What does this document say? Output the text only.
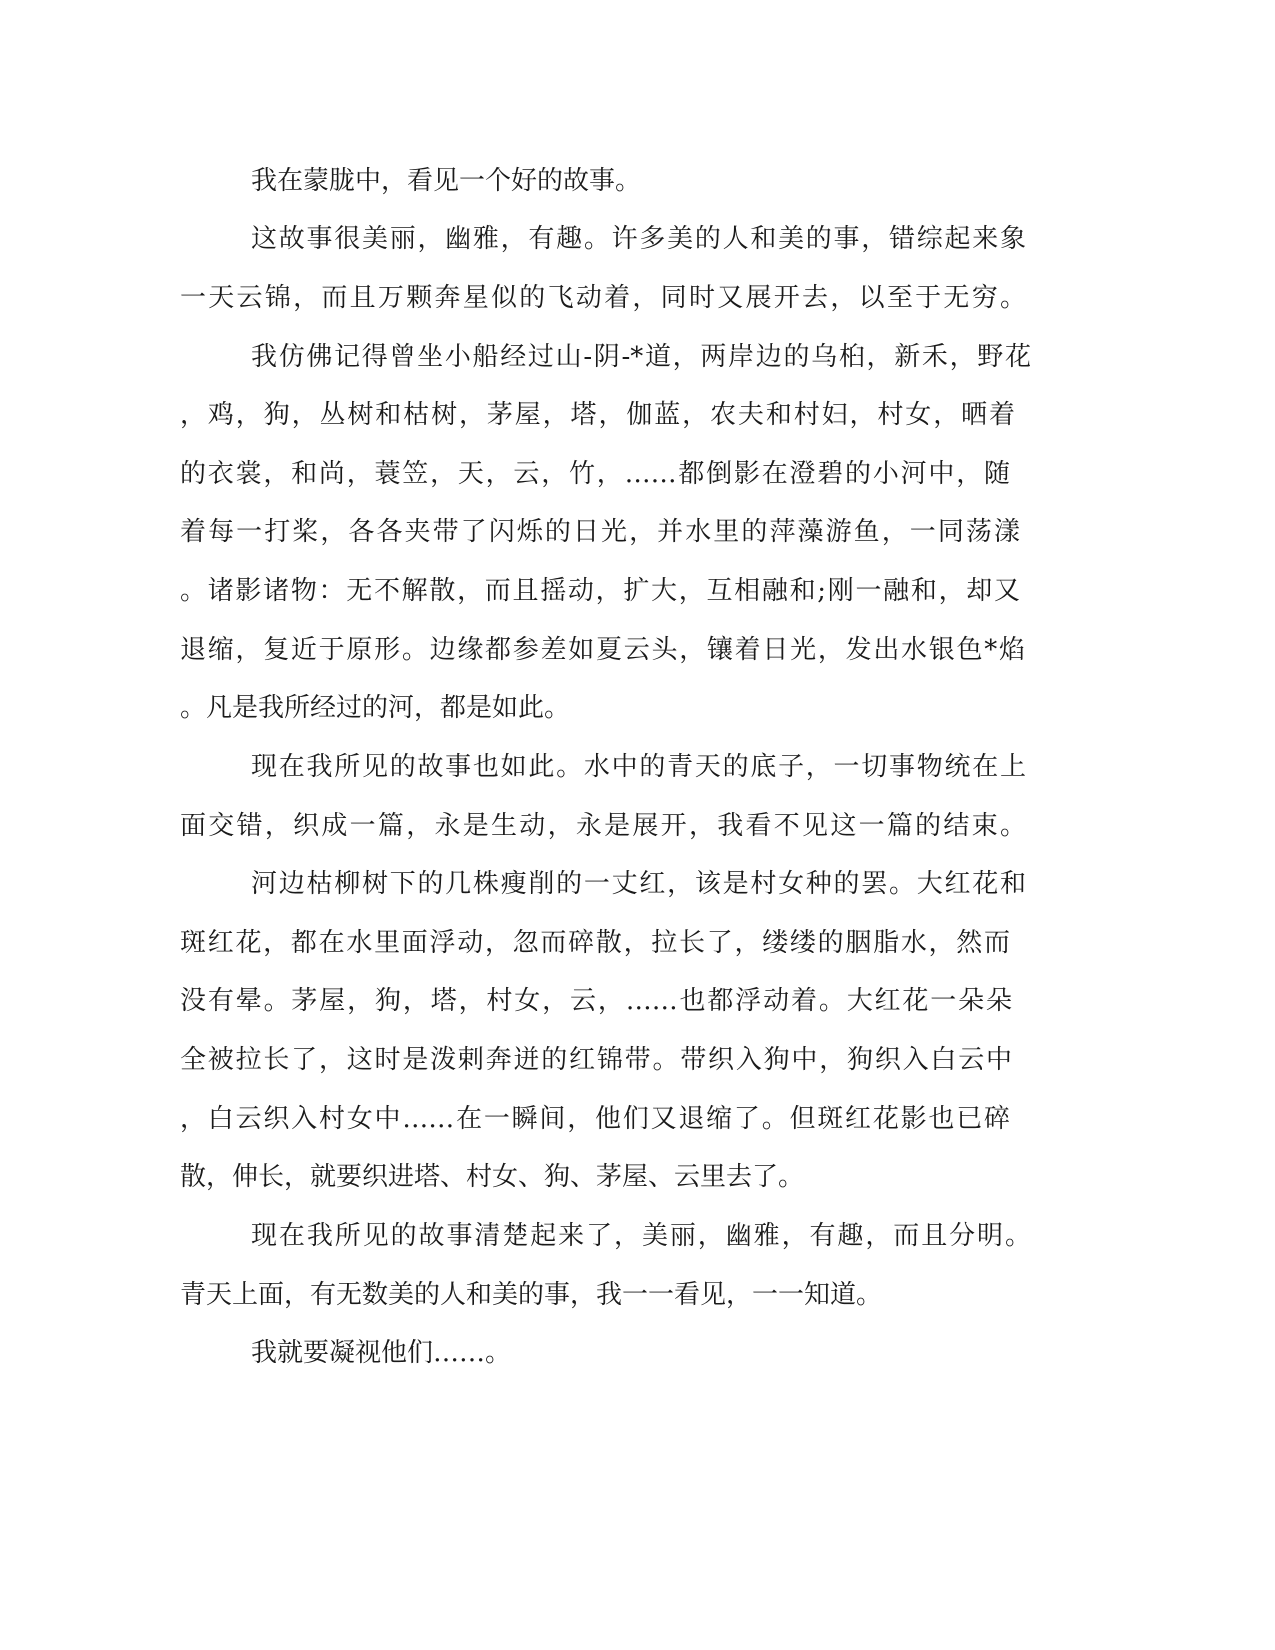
我在蒙胧中，看见一个好的故事。
这故事很美丽，幽雅，有趣。许多美的人和美的事，错综起来象
一天云锦，而且万颗奔星似的飞动着，同时又展开去，以至于无穷。
我仿佛记得曾坐小船经过山-阴-*道，两岸边的乌桕，新禾，野花
，鸡，狗，丛树和枯树，茅屋，塔，伽蓝，农夫和村妇，村女，晒着
的衣裳，和尚，蓑笠，天，云，竹，……都倒影在澄碧的小河中，随
着每一打桨，各各夹带了闪烁的日光，并水里的萍藻游鱼，一同荡漾
。诸影诸物：无不解散，而且摇动，扩大，互相融和;刚一融和，却又
退缩，复近于原形。边缘都参差如夏云头，镶着日光，发出水银色*焰
。凡是我所经过的河，都是如此。
现在我所见的故事也如此。水中的青天的底子，一切事物统在上
面交错，织成一篇，永是生动，永是展开，我看不见这一篇的结束。
河边枯柳树下的几株瘦削的一丈红，该是村女种的罢。大红花和
斑红花，都在水里面浮动，忽而碎散，拉长了，缕缕的胭脂水，然而
没有晕。茅屋，狗，塔，村女，云，……也都浮动着。大红花一朵朵
全被拉长了，这时是泼剌奔迸的红锦带。带织入狗中，狗织入白云中
，白云织入村女中……在一瞬间，他们又退缩了。但斑红花影也已碎
散，伸长，就要织进塔、村女、狗、茅屋、云里去了。
现在我所见的故事清楚起来了，美丽，幽雅，有趣，而且分明。
青天上面，有无数美的人和美的事，我一一看见，一一知道。
我就要凝视他们……。
